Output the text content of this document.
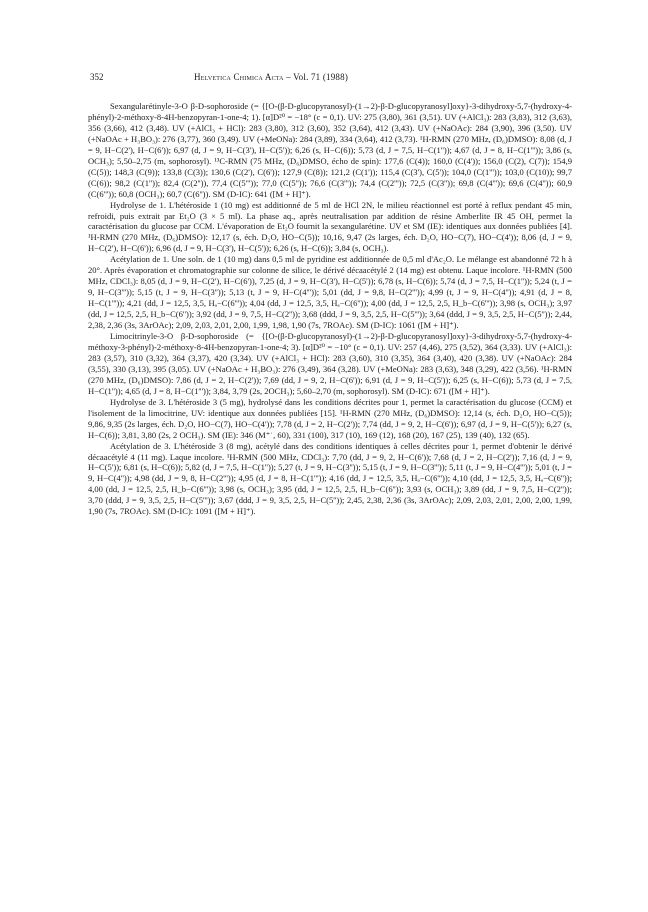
352	Helvetica Chimica Acta – Vol. 71 (1988)

Sexangularétinyle-3-O β-D-sophoroside (= {[O-(β-D-glucopyranosyl)-(1→2)-β-D-glucopyranosyl]oxy}-3-dihydroxy-5,7-(hydroxy-4-phényl)-2-méthoxy-8-4H-benzopyran-1-one-4; 1). [α]D²⁰ = −18° (c = 0,1). UV: 275 (3,80), 361 (3,51). UV (+AlCl₃): 283 (3,83), 312 (3,63), 356 (3,66), 412 (3,48). UV (+AlCl₃ + HCl): 283 (3,80), 312 (3,60), 352 (3,64), 412 (3,43). UV (+NaOAc): 284 (3,90), 396 (3,50). UV (+NaOAc + H₃BO₃): 276 (3,77), 360 (3,49). UV (+MeONa): 284 (3,89), 334 (3,64), 412 (3,73). ¹H-RMN (270 MHz, (D₆)DMSO): 8,08 (d, J = 9, H−C(2'), H−C(6')); 6,97 (d, J = 9, H−C(3'), H−C(5')); 6,26 (s, H−C(6)); 5,73 (d, J = 7,5, H−C(1'')); 4,67 (d, J = 8, H−C(1''')); 3,86 (s, OCH₃); 5,50–2,75 (m, sophorosyl). ¹³C-RMN (75 MHz, (D₆)DMSO, écho de spin): 177,6 (C(4)); 160,0 (C(4')); 156,0 (C(2), C(7)); 154,9 (C(5)); 148,3 (C(9)); 133,8 (C(3)); 130,6 (C(2'), C(6')); 127,9 (C(8)); 121,2 (C(1')); 115,4 (C(3'), C(5')); 104,0 (C(1''')); 103,0 (C(10)); 99,7 (C(6)); 98,2 (C(1'')); 82,4 (C(2'')), 77,4 (C(5''')); 77,0 (C(5'')); 76,6 (C(3''')); 74,4 (C(2''')); 72,5 (C(3'')); 69,8 (C(4''')); 69,6 (C(4'')); 60,9 (C(6''')); 60,8 (OCH₃); 60,7 (C(6'')). SM (D-IC): 641 ([M + H]⁺).

Hydrolyse de 1. L'hétéroside 1 (10 mg) est additionné de 5 ml de HCl 2N, le milieu réactionnel est porté à reflux pendant 45 min, refroidi, puis extrait par Et₂O (3 × 5 ml). La phase aq., après neutralisation par addition de résine Amberlite IR 45 OH, permet la caractérisation du glucose par CCM. L'évaporation de Et₂O fournit la sexangularétine. UV et SM (IE): identiques aux données publiées [4]. ¹H-RMN (270 MHz, (D₆)DMSO): 12,17 (s, éch. D₂O, HO−C(5)); 10,16, 9,47 (2s larges, éch. D₂O, HO−C(7), HO−C(4')); 8,06 (d, J = 9, H−C(2'), H−C(6')); 6,96 (d, J = 9, H−C(3'), H−C(5')); 6,26 (s, H−C(6)); 3,84 (s, OCH₃).

Acétylation de 1. Une soln. de 1 (10 mg) dans 0,5 ml de pyridine est additionnée de 0,5 ml d'Ac₂O. Le mélange est abandonné 72 h à 20°. Après évaporation et chromatographie sur colonne de silice, le dérivé décaacétylé 2 (14 mg) est obtenu. Laque incolore. ¹H-RMN (500 MHz, CDCl₃): 8,05 (d, J = 9, H−C(2'), H−C(6')), 7,25 (d, J = 9, H−C(3'), H−C(5')); 6,78 (s, H−C(6)); 5,74 (d, J = 7,5, H−C(1'')); 5,24 (t, J = 9, H−C(3''')); 5,15 (t, J = 9, H−C(3'')); 5,13 (t, J = 9, H−C(4''')); 5,01 (dd, J = 9,8, H−C(2''')); 4,99 (t, J = 9, H−C(4'')); 4,91 (d, J = 8, H−C(1''')); 4,21 (dd, J = 12,5, 3,5, Hₐ−C(6''')); 4,04 (dd, J = 12,5, 3,5, Hₐ−C(6'')); 4,00 (dd, J = 12,5, 2,5, H_b−C(6''')); 3,98 (s, OCH₃); 3,97 (dd, J = 12,5, 2,5, H_b−C(6'')); 3,92 (dd, J = 9, 7,5, H−C(2'')); 3,68 (ddd, J = 9, 3,5, 2,5, H−C(5''')); 3,64 (ddd, J = 9, 3,5, 2,5, H−C(5'')); 2,44, 2,38, 2,36 (3s, 3ArOAc); 2,09, 2,03, 2,01, 2,00, 1,99, 1,98, 1,90 (7s, 7RОAc). SM (D-IC): 1061 ([M + H]⁺).

Limocitrinyle-3-O β-D-sophoroside (= {[O-(β-D-glucopyranosyl)-(1→2)-β-D-glucopyranosyl]oxy}-3-dihydroxy-5,7-(hydroxy-4-méthoxy-3-phényl)-2-méthoxy-8-4H-benzopyran-1-one-4; 3). [α]D²⁰ = −10° (c = 0,1). UV: 257 (4,46), 275 (3,52), 364 (3,33). UV (+AlCl₃): 283 (3,57), 310 (3,32), 364 (3,37), 420 (3,34). UV (+AlCl₃ + HCl): 283 (3,60), 310 (3,35), 364 (3,40), 420 (3,38). UV (+NaOAc): 284 (3,55), 330 (3,13), 395 (3,05). UV (+NaOAc + H₃BO₃): 276 (3,49), 364 (3,28). UV (+MeONa): 283 (3,63), 348 (3,29), 422 (3,56). ¹H-RMN (270 MHz, (D₆)DMSO): 7,86 (d, J = 2, H−C(2')); 7,69 (dd, J = 9, 2, H−C(6')); 6,91 (d, J = 9, H−C(5')); 6,25 (s, H−C(6)); 5,73 (d, J = 7,5, H−C(1'')); 4,65 (d, J = 8, H−C(1''')); 3,84, 3,79 (2s, 2OCH₃); 5,60–2,70 (m, sophorosyl). SM (D-IC): 671 ([M + H]⁺).

Hydrolyse de 3. L'hétéroside 3 (5 mg), hydrolysé dans les conditions décrites pour 1, permet la caractérisation du glucose (CCM) et l'isolement de la limocitrine, UV: identique aux données publiées [15]. ¹H-RMN (270 MHz, (D₆)DMSO): 12,14 (s, éch. D₂O, HO−C(5)); 9,86, 9,35 (2s larges, éch. D₂O, HO−C(7), HO−C(4')); 7,78 (d, J = 2, H−C(2')); 7,74 (dd, J = 9, 2, H−C(6')); 6,97 (d, J = 9, H−C(5')); 6,27 (s, H−C(6)); 3,81, 3,80 (2s, 2 OCH₃). SM (IE): 346 (M⁺˙, 60), 331 (100), 317 (10), 169 (12), 168 (20), 167 (25), 139 (40), 132 (65).

Acétylation de 3. L'hétéroside 3 (8 mg), acétylé dans des conditions identiques à celles décrites pour 1, permet d'obtenir le dérivé décaacétylé 4 (11 mg). Laque incolore. ¹H-RMN (500 MHz, CDCl₃): 7,70 (dd, J = 9, 2, H−C(6')); 7,68 (d, J = 2, H−C(2')); 7,16 (d, J = 9, H−C(5')); 6,81 (s, H−C(6)); 5,82 (d, J = 7,5, H−C(1'')); 5,27 (t, J = 9, H−C(3'')); 5,15 (t, J = 9, H−C(3''')); 5,11 (t, J = 9, H−C(4''')); 5,01 (t, J = 9, H−C(4'')); 4,98 (dd, J = 9, 8, H−C(2''')); 4,95 (d, J = 8, H−C(1''')); 4,16 (dd, J = 12,5, 3,5, Hₐ−C(6''')); 4,10 (dd, J = 12,5, 3,5, Hₐ−C(6'')); 4,00 (dd, J = 12,5, 2,5, H_b−C(6''')); 3,98 (s, OCH₃); 3,95 (dd, J = 12,5, 2,5, H_b−C(6'')); 3,93 (s, OCH₃); 3,89 (dd, J = 9, 7,5, H−C(2'')); 3,70 (ddd, J = 9, 3,5, 2,5, H−C(5''')); 3,67 (ddd, J = 9, 3,5, 2,5, H−C(5'')); 2,45, 2,38, 2,36 (3s, 3ArOAc); 2,09, 2,03, 2,01, 2,00, 2,00, 1,99, 1,90 (7s, 7RОAc). SM (D-IC): 1091 ([M + H]⁺).
